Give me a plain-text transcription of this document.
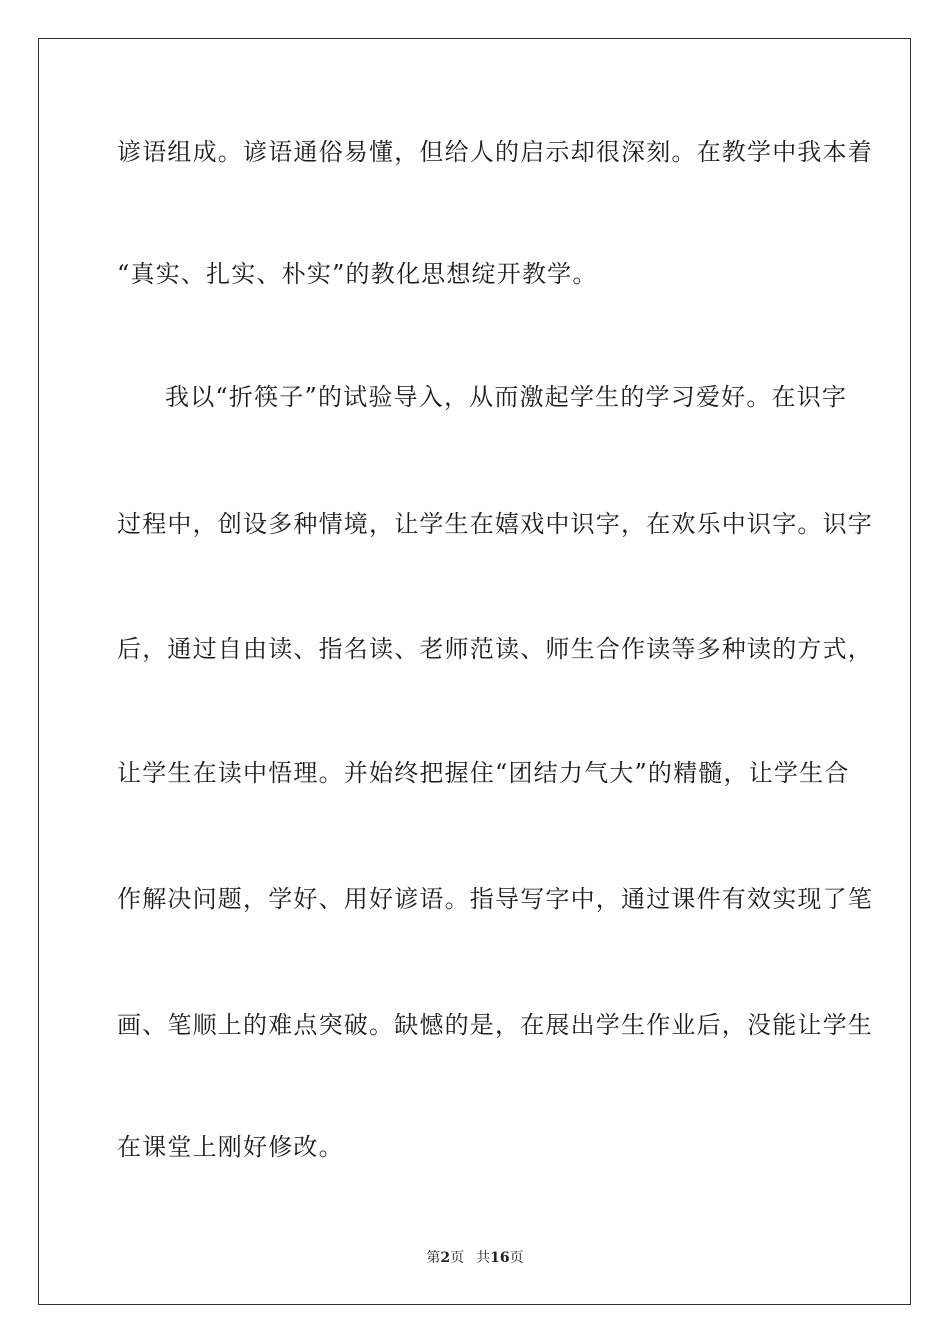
谚语组成。谚语通俗易懂，但给人的启示却很深刻。在教学中我本着
“真实、扎实、朴实”的教化思想绽开教学。
我以“折筷子”的试验导入，从而激起学生的学习爱好。在识字
过程中，创设多种情境，让学生在嬉戏中识字，在欢乐中识字。识字
后，通过自由读、指名读、老师范读、师生合作读等多种读的方式，
让学生在读中悟理。并始终把握住“团结力气大”的精髓，让学生合
作解决问题，学好、用好谚语。指导写字中，通过课件有效实现了笔
画、笔顺上的难点突破。缺憾的是，在展出学生作业后，没能让学生
在课堂上刚好修改。
第2页 共16页
